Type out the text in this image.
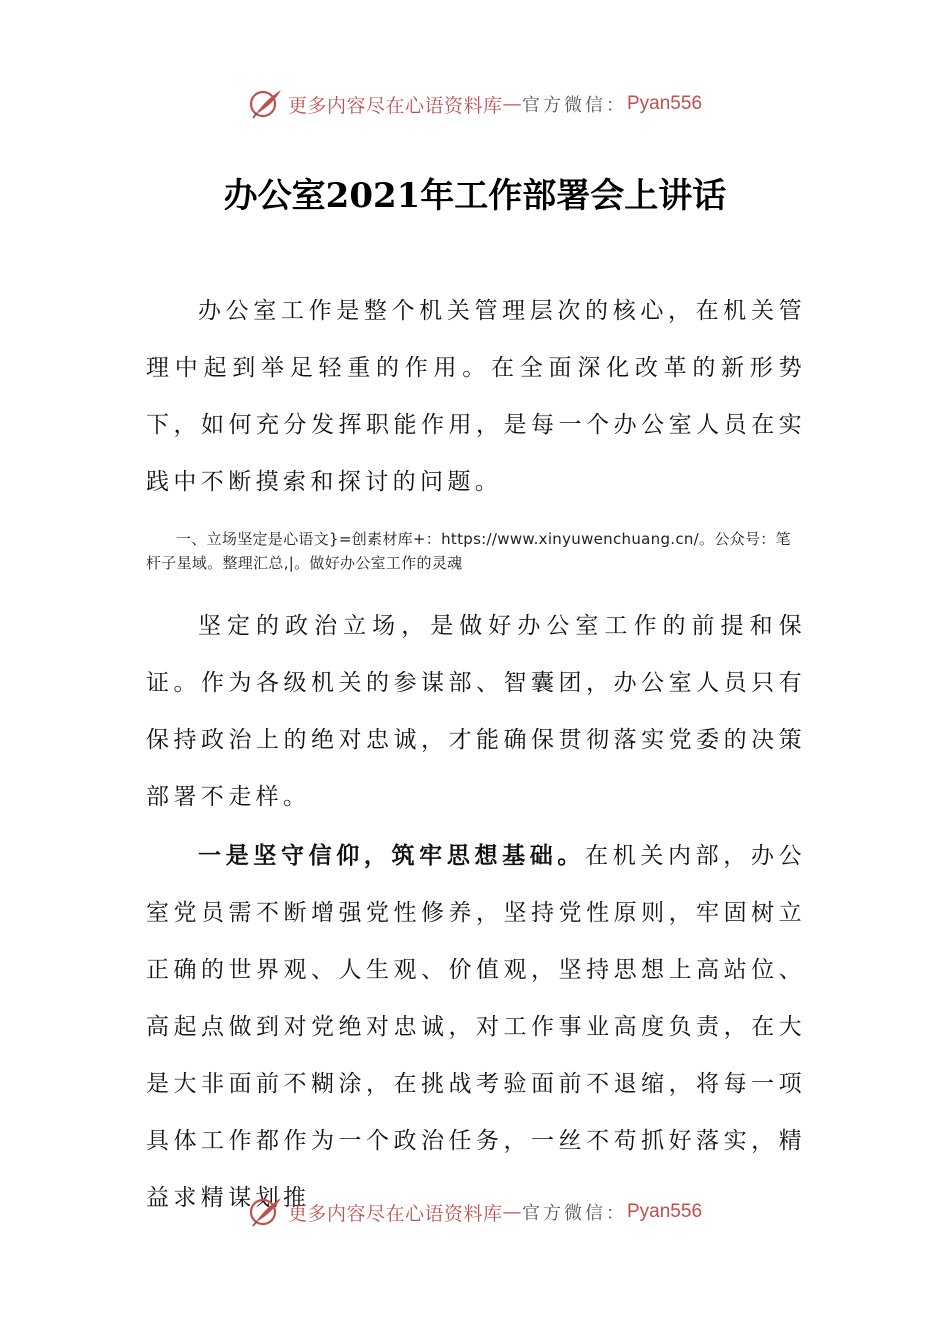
更多内容尽在心语资料库 — 官方微信： Pyan556
办公室2021年工作部署会上讲话

办公室工作是整个机关管理层次的核心，在机关管理中起到举足轻重的作用。在全面深化改革的新形势下，如何充分发挥职能作用，是每一个办公室人员在实践中不断摸索和探讨的问题。

一、立场坚定是心语文}=创素材库+：https://www.xinyuwenchuang.cn/。公众号：笔杆子星域。整理汇总,|。做好办公室工作的灵魂

坚定的政治立场，是做好办公室工作的前提和保证。作为各级机关的参谋部、智囊团，办公室人员只有保持政治上的绝对忠诚，才能确保贯彻落实党委的决策部署不走样。

一是坚守信仰，筑牢思想基础。在机关内部，办公室党员需不断增强党性修养，坚持党性原则，牢固树立正确的世界观、人生观、价值观，坚持思想上高站位、高起点做到对党绝对忠诚，对工作事业高度负责，在大是大非面前不糊涂，在挑战考验面前不退缩，将每一项具体工作都作为一个政治任务，一丝不苟抓好落实，精益求精谋划推

更多内容尽在心语资料库 — 官方微信： Pyan556
